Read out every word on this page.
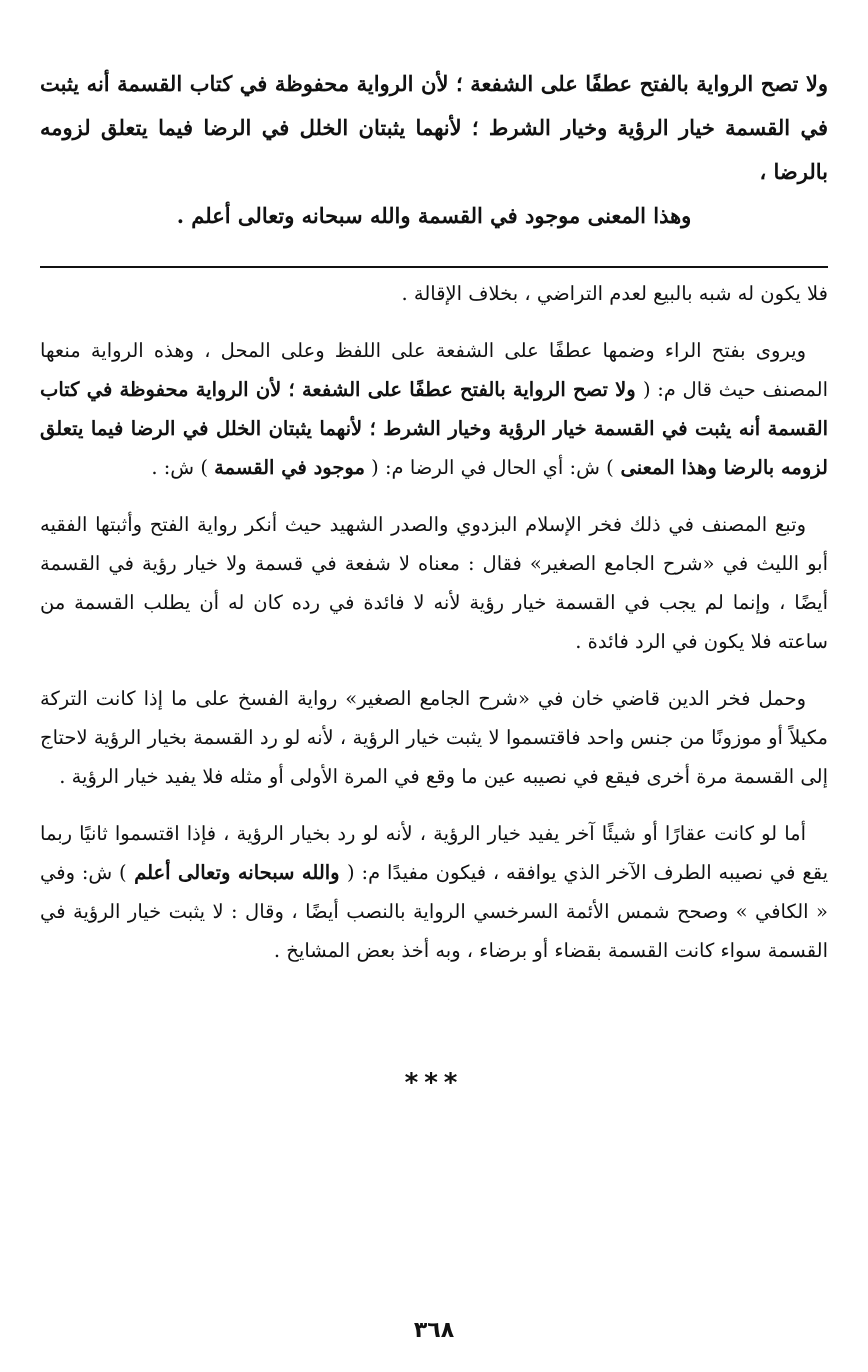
ولا تصح الرواية بالفتح عطفًا على الشفعة ؛ لأن الرواية محفوظة في كتاب القسمة أنه يثبت في القسمة خيار الرؤية وخيار الشرط ؛ لأنهما يثبتان الخلل في الرضا فيما يتعلق لزومه بالرضا ،
وهذا المعنى موجود في القسمة والله سبحانه وتعالى أعلم .

فلا يكون له شبه بالبيع لعدم التراضي ، بخلاف الإقالة .

ويروى بفتح الراء وضمها عطفًا على الشفعة على اللفظ وعلى المحل ، وهذه الرواية منعها المصنف حيث قال م: ( ولا تصح الرواية بالفتح عطفًا على الشفعة ؛ لأن الرواية محفوظة في كتاب القسمة أنه يثبت في القسمة خيار الرؤية وخيار الشرط ؛ لأنهما يثبتان الخلل في الرضا فيما يتعلق لزومه بالرضا وهذا المعنى ) ش: أي الحال في الرضا م: ( موجود في القسمة ) ش: .

وتبع المصنف في ذلك فخر الإسلام البزدوي والصدر الشهيد حيث أنكر رواية الفتح وأثبتها الفقيه أبو الليث في «شرح الجامع الصغير» فقال : معناه لا شفعة في قسمة ولا خيار رؤية في القسمة أيضًا ، وإنما لم يجب في القسمة خيار رؤية لأنه لا فائدة في رده كان له أن يطلب القسمة من ساعته فلا يكون في الرد فائدة .

وحمل فخر الدين قاضي خان في «شرح الجامع الصغير» رواية الفسخ على ما إذا كانت التركة مكيلاً أو موزونًا من جنس واحد فاقتسموا لا يثبت خيار الرؤية ، لأنه لو رد القسمة بخيار الرؤية لاحتاج إلى القسمة مرة أخرى فيقع في نصيبه عين ما وقع في المرة الأولى أو مثله فلا يفيد خيار الرؤية .

أما لو كانت عقارًا أو شيئًا آخر يفيد خيار الرؤية ، لأنه لو رد بخيار الرؤية ، فإذا اقتسموا ثانيًا ربما يقع في نصيبه الطرف الآخر الذي يوافقه ، فيكون مفيدًا م: ( والله سبحانه وتعالى أعلم ) ش: وفي « الكافي » وصحح شمس الأئمة السرخسي الرواية بالنصب أيضًا ، وقال : لا يثبت خيار الرؤية في القسمة سواء كانت القسمة بقضاء أو برضاء ، وبه أخذ بعض المشايخ .

***
٣٦٨
